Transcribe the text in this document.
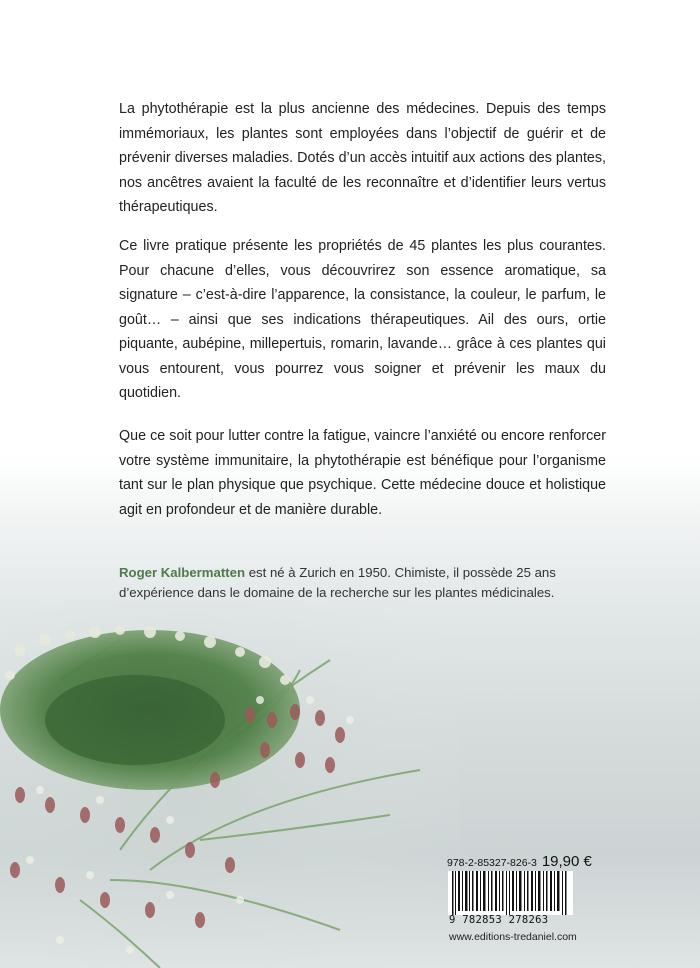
La phytothérapie est la plus ancienne des médecines. Depuis des temps immémoriaux, les plantes sont employées dans l’objectif de guérir et de prévenir diverses maladies. Dotés d’un accès intuitif aux actions des plantes, nos ancêtres avaient la faculté de les reconnaître et d’identifier leurs vertus thérapeutiques.

Ce livre pratique présente les propriétés de 45 plantes les plus courantes. Pour chacune d’elles, vous découvrirez son essence aromatique, sa signature – c’est-à-dire l’apparence, la consistance, la couleur, le parfum, le goût… – ainsi que ses indications thérapeutiques. Ail des ours, ortie piquante, aubépine, millepertuis, romarin, lavande… grâce à ces plantes qui vous entourent, vous pourrez vous soigner et prévenir les maux du quotidien.

Que ce soit pour lutter contre la fatigue, vaincre l’anxiété ou encore renforcer votre système immunitaire, la phytothérapie est bénéfique pour l’organisme tant sur le plan physique que psychique. Cette médecine douce et holistique agit en profondeur et de manière durable.

Roger Kalbermatten est né à Zurich en 1950. Chimiste, il possède 25 ans d’expérience dans le domaine de la recherche sur les plantes médicinales.

978-2-85327-826-3 19,90 €
9 782853 278263
www.editions-tredaniel.com
